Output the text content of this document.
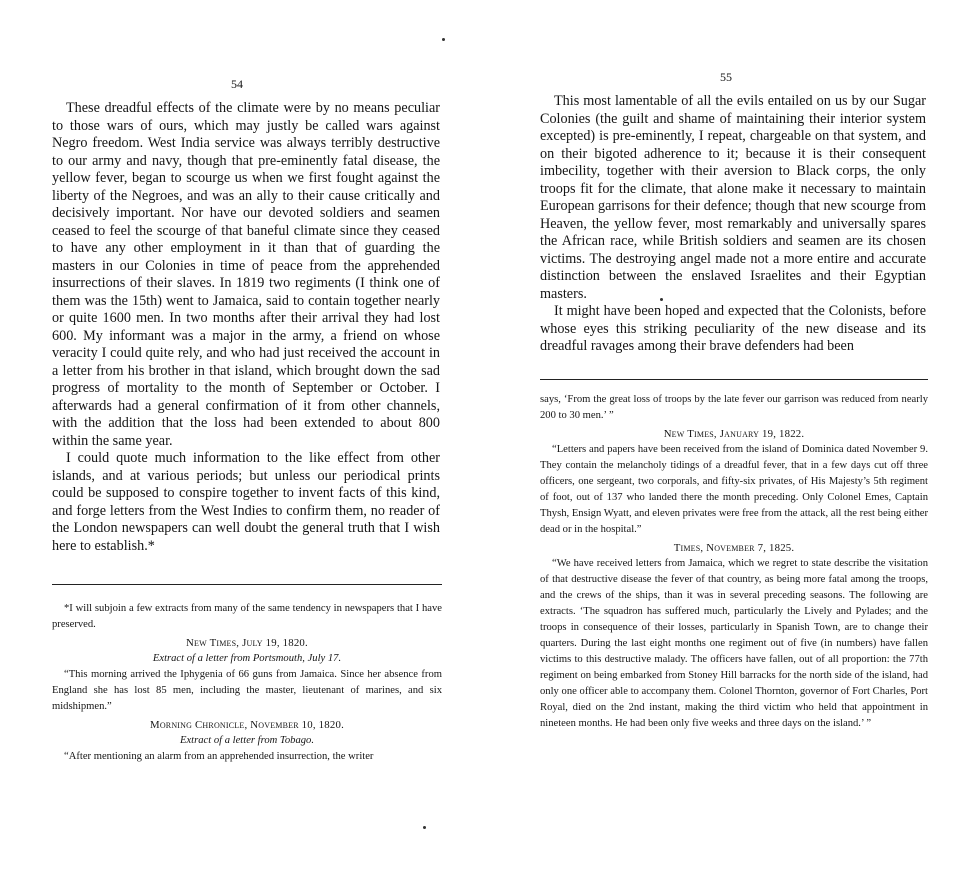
54	55

These dreadful effects of the climate were by no means peculiar to those wars of ours, which may justly be called wars against Negro freedom. West India service was always terribly destructive to our army and navy, though that pre-eminently fatal disease, the yellow fever, began to scourge us when we first fought against the liberty of the Negroes, and was an ally to their cause critically and decisively important. Nor have our devoted soldiers and seamen ceased to feel the scourge of that baneful climate since they ceased to have any other employment in it than that of guarding the masters in our Colonies in time of peace from the apprehended insurrections of their slaves. In 1819 two regiments (I think one of them was the 15th) went to Jamaica, said to contain together nearly or quite 1600 men. In two months after their arrival they had lost 600. My informant was a major in the army, a friend on whose veracity I could quite rely, and who had just received the account in a letter from his brother in that island, which brought down the sad progress of mortality to the month of September or October. I afterwards had a general confirmation of it from other channels, with the addition that the loss had been extended to about 800 within the same year.

I could quote much information to the like effect from other islands, and at various periods; but unless our periodical prints could be supposed to conspire together to invent facts of this kind, and forge letters from the West Indies to confirm them, no reader of the London newspapers can well doubt the general truth that I wish here to establish.*

*I will subjoin a few extracts from many of the same tendency in newspapers that I have preserved.

New Times, July 19, 1820.

Extract of a letter from Portsmouth, July 17.

“This morning arrived the Iphygenia of 66 guns from Jamaica. Since her absence from England she has lost 85 men, including the master, lieutenant of marines, and six midshipmen.”

Morning Chronicle, November 10, 1820.

Extract of a letter from Tobago.

“After mentioning an alarm from an apprehended insurrection, the writer

This most lamentable of all the evils entailed on us by our Sugar Colonies (the guilt and shame of maintaining their interior system excepted) is pre-eminently, I repeat, chargeable on that system, and on their bigoted adherence to it; because it is their consequent imbecility, together with their aversion to Black corps, the only troops fit for the climate, that alone make it necessary to maintain European garrisons for their defence; though that new scourge from Heaven, the yellow fever, most remarkably and universally spares the African race, while British soldiers and seamen are its chosen victims. The destroying angel made not a more entire and accurate distinction between the enslaved Israelites and their Egyptian masters.

It might have been hoped and expected that the Colonists, before whose eyes this striking peculiarity of the new disease and its dreadful ravages among their brave defenders had been

says, ‘From the great loss of troops by the late fever our garrison was reduced from nearly 200 to 30 men.’ ”

New Times, January 19, 1822.

“Letters and papers have been received from the island of Dominica dated November 9. They contain the melancholy tidings of a dreadful fever, that in a few days cut off three officers, one sergeant, two corporals, and fifty-six privates, of His Majesty’s 5th regiment of foot, out of 137 who landed there the month preceding. Only Colonel Emes, Captain Thysh, Ensign Wyatt, and eleven privates were free from the attack, all the rest being either dead or in the hospital.”

Times, November 7, 1825.

“We have received letters from Jamaica, which we regret to state describe the visitation of that destructive disease the fever of that country, as being more fatal among the troops, and the crews of the ships, than it was in several preceding seasons. The following are extracts. ‘The squadron has suffered much, particularly the Lively and Pylades; and the troops in consequence of their losses, particularly in Spanish Town, are to change their quarters. During the last eight months one regiment out of five (in numbers) have fallen victims to this destructive malady. The officers have fallen, out of all proportion: the 77th regiment on being embarked from Stoney Hill barracks for the north side of the island, had only one officer able to accompany them. Colonel Thornton, governor of Fort Charles, Port Royal, died on the 2nd instant, making the third victim who held that appointment in nineteen months. He had been only five weeks and three days on the island.’ ”
